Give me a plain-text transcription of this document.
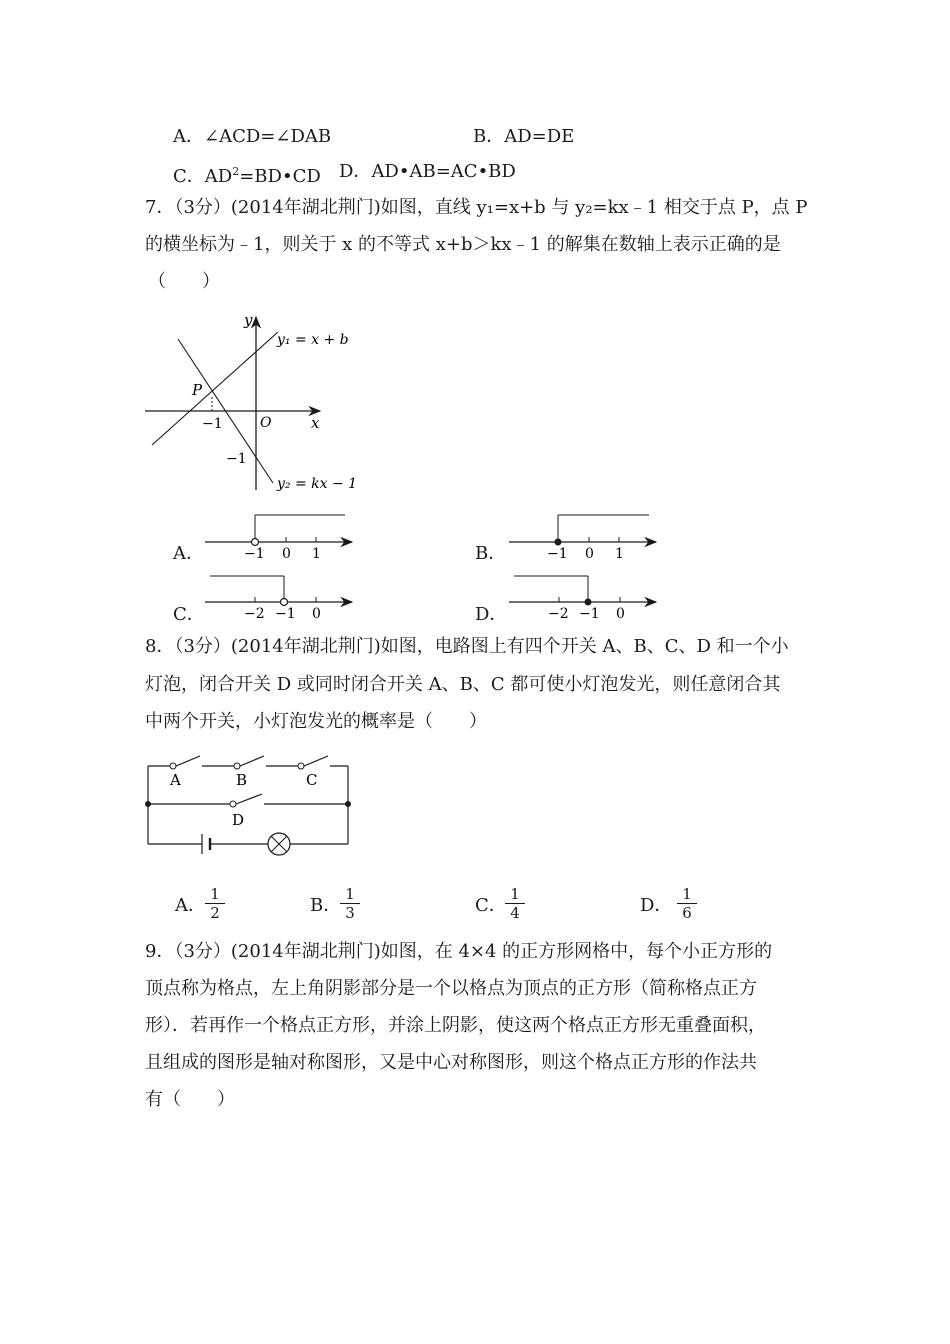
A．∠ACD=∠DAB	B．AD=DE
C．$AD^2=BD•CD$ D．AD•AB=AC•BD
7．（3分）(2014年湖北荆门)如图，直线 y₁=x+b 与 y₂=kx﹣1 相交于点 P，点 P
的横坐标为﹣1，则关于 x 的不等式 x+b＞kx﹣1 的解集在数轴上表示正确的是
（　　）
y
x
O
P
−1
−1
y₁ = x + b
y₂ = kx − 1
A．	−1 0 1	B．	−1 0 1
C．	−2 −1 0	D．	−2 −1 0
8．（3分）(2014年湖北荆门)如图，电路图上有四个开关 A、B、C、D 和一个小
灯泡，闭合开关 D 或同时闭合开关 A、B、C 都可使小灯泡发光，则任意闭合其
中两个开关，小灯泡发光的概率是（　　）
A	B	C
D
A． $\frac{1}{2}$	B．
$\frac{1}{3}$	C．
$\frac{1}{4}$	D． $\frac{1}{6}$
9．（3分）(2014年湖北荆门)如图，在 4×4 的正方形网格中，每个小正方形的
顶点称为格点，左上角阴影部分是一个以格点为顶点的正方形（简称格点正方
形）．若再作一个格点正方形，并涂上阴影，使这两个格点正方形无重叠面积，
且组成的图形是轴对称图形，又是中心对称图形，则这个格点正方形的作法共
有（　　）
